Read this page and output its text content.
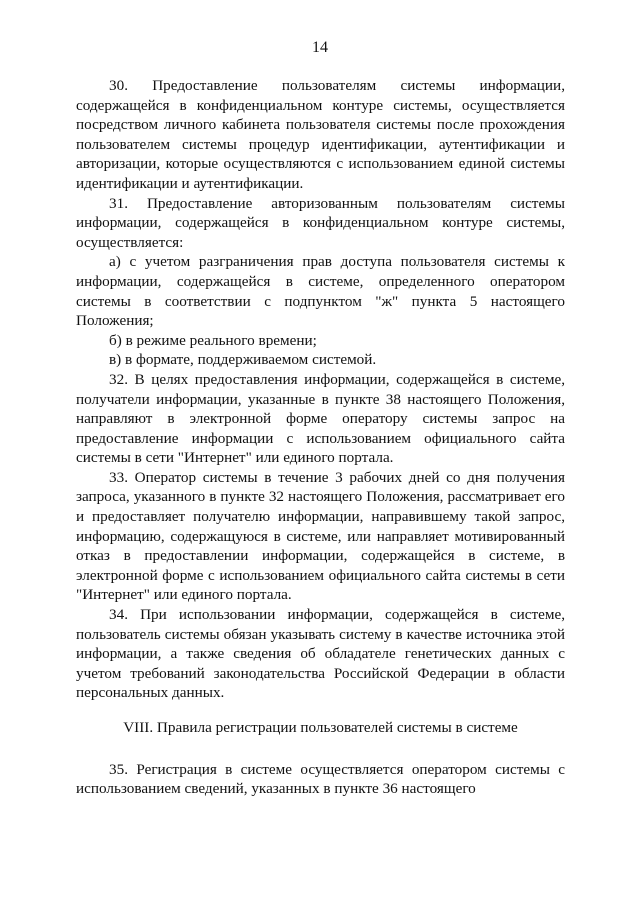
14

30. Предоставление пользователям системы информации, содержащейся в конфиденциальном контуре системы, осуществляется посредством личного кабинета пользователя системы после прохождения пользователем системы процедур идентификации, аутентификации и авторизации, которые осуществляются с использованием единой системы идентификации и аутентификации.

31. Предоставление авторизованным пользователям системы информации, содержащейся в конфиденциальном контуре системы, осуществляется:

а) с учетом разграничения прав доступа пользователя системы к информации, содержащейся в системе, определенного оператором системы в соответствии с подпунктом "ж" пункта 5 настоящего Положения;

б) в режиме реального времени;

в) в формате, поддерживаемом системой.

32. В целях предоставления информации, содержащейся в системе, получатели информации, указанные в пункте 38 настоящего Положения, направляют в электронной форме оператору системы запрос на предоставление информации с использованием официального сайта системы в сети "Интернет" или единого портала.

33. Оператор системы в течение 3 рабочих дней со дня получения запроса, указанного в пункте 32 настоящего Положения, рассматривает его и предоставляет получателю информации, направившему такой запрос, информацию, содержащуюся в системе, или направляет мотивированный отказ в предоставлении информации, содержащейся в системе, в электронной форме с использованием официального сайта системы в сети "Интернет" или единого портала.

34. При использовании информации, содержащейся в системе, пользователь системы обязан указывать систему в качестве источника этой информации, а также сведения об обладателе генетических данных с учетом требований законодательства Российской Федерации в области персональных данных.

VIII. Правила регистрации пользователей системы в системе

35. Регистрация в системе осуществляется оператором системы с использованием сведений, указанных в пункте 36 настоящего
